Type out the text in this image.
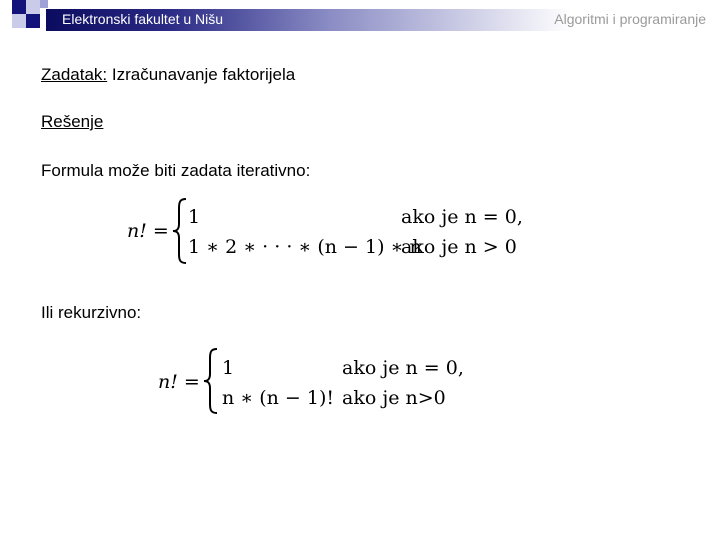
Elektronski fakultet u Nišu	Algoritmi i programiranje
Zadatak: Izračunavanje faktorijela
Rešenje
Formula može biti zadata iterativno:
n! =
1
1 ∗ 2 ∗ · · · ∗ (n − 1) ∗ n
ako je n = 0,
ako je n > 0
Ili rekurzivno:
n! =
1
n ∗ (n − 1)!
ako je n = 0,
ako je n>0
